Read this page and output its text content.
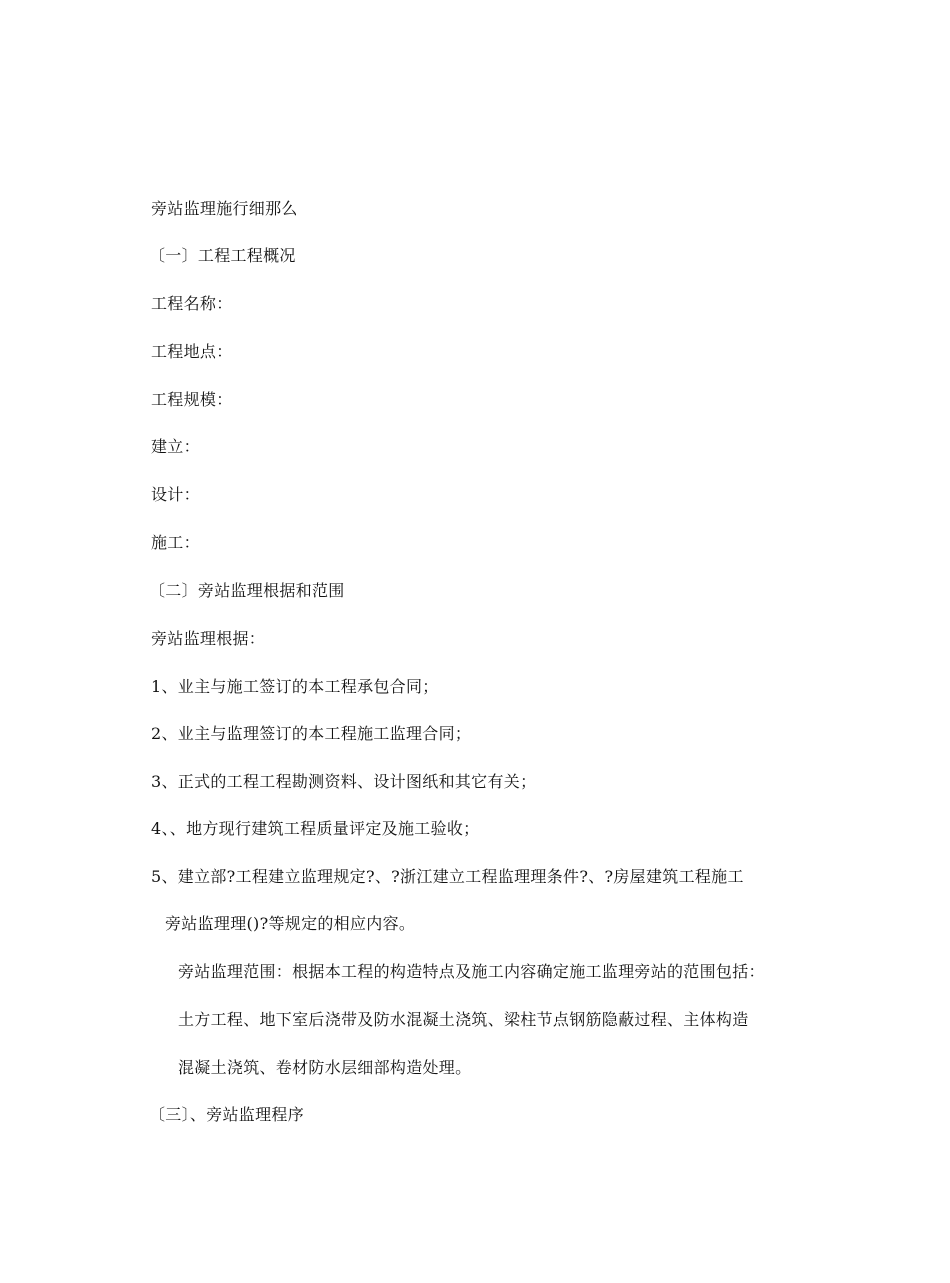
旁站监理施行细那么
〔一〕工程工程概况
工程名称：
工程地点：
工程规模：
建立：
设计：
施工：
〔二〕旁站监理根据和范围
旁站监理根据：
1、业主与施工签订的本工程承包合同；
2、业主与监理签订的本工程施工监理合同；
3、正式的工程工程勘测资料、设计图纸和其它有关；
4、、地方现行建筑工程质量评定及施工验收；
5、建立部?工程建立监理规定?、?浙江建立工程监理理条件?、?房屋建筑工程施工
旁站监理理()?等规定的相应内容。
旁站监理范围：根据本工程的构造特点及施工内容确定施工监理旁站的范围包括：
土方工程、地下室后浇带及防水混凝土浇筑、梁柱节点钢筋隐蔽过程、主体构造
混凝土浇筑、卷材防水层细部构造处理。
〔三〕、旁站监理程序
